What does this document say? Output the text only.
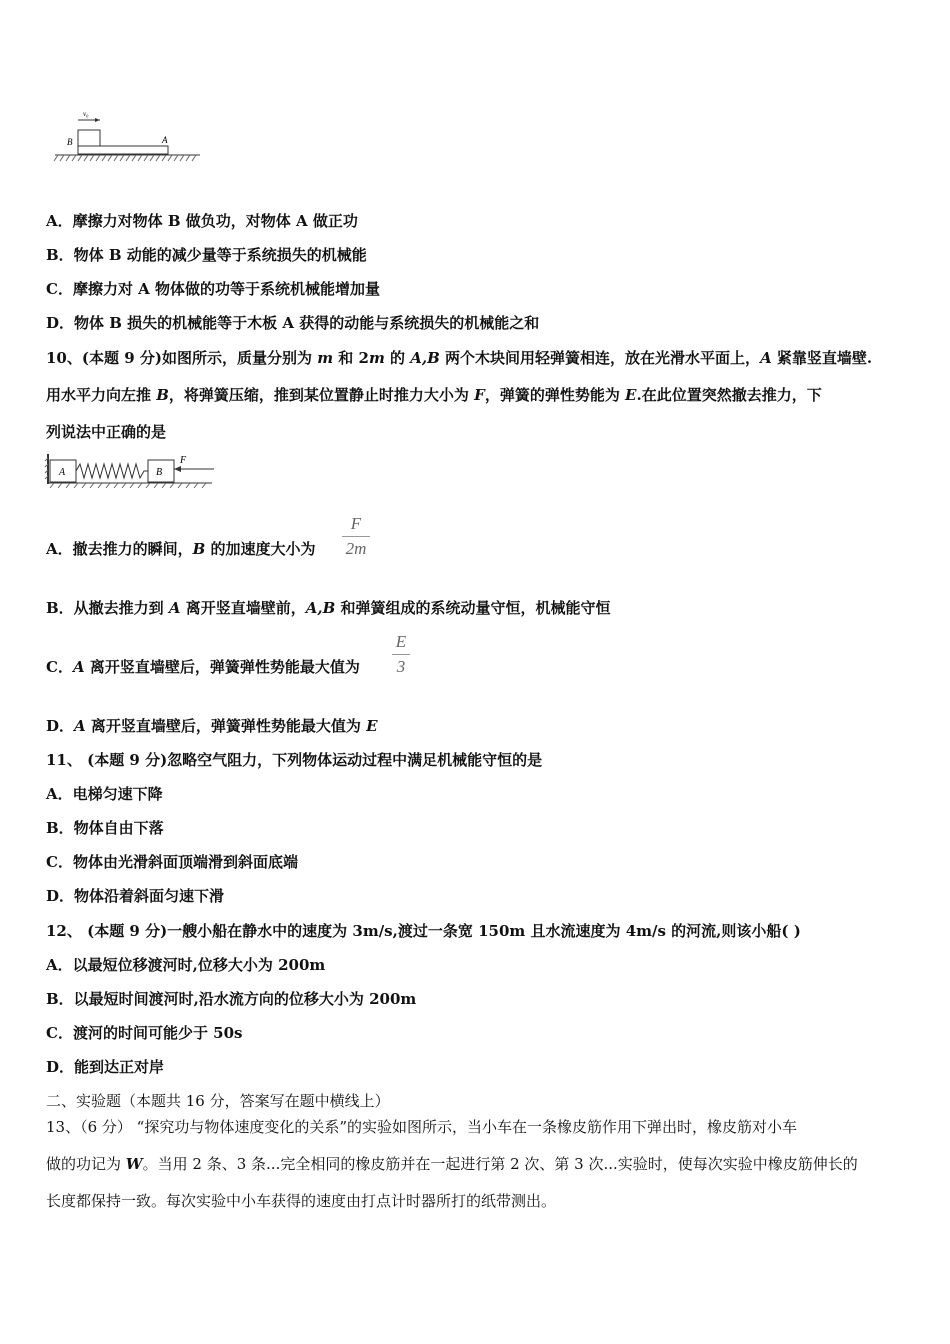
v₀
B	A
A．摩擦力对物体 B 做负功，对物体 A 做正功
B．物体 B 动能的减少量等于系统损失的机械能
C．摩擦力对 A 物体做的功等于系统机械能增加量
D．物体 B 损失的机械能等于木板 A 获得的动能与系统损失的机械能之和
10、(本题 9 分)如图所示，质量分别为 m 和 2m 的 A,B 两个木块间用轻弹簧相连，放在光滑水平面上，A 紧靠竖直墙壁.
用水平力向左推 B，将弹簧压缩，推到某位置静止时推力大小为 F，弹簧的弹性势能为 E.在此位置突然撤去推力，下
列说法中正确的是
A	B
F
A．撤去推力的瞬间，B 的加速度大小为
F
2m
B．从撤去推力到 A 离开竖直墙壁前，A,B 和弹簧组成的系统动量守恒，机械能守恒
C．A 离开竖直墙壁后，弹簧弹性势能最大值为
E
3
D．A 离开竖直墙壁后，弹簧弹性势能最大值为 E
11、 (本题 9 分)忽略空气阻力，下列物体运动过程中满足机械能守恒的是
A．电梯匀速下降
B．物体自由下落
C．物体由光滑斜面顶端滑到斜面底端
D．物体沿着斜面匀速下滑
12、 (本题 9 分)一艘小船在静水中的速度为 3m/s,渡过一条宽 150m 且水流速度为 4m/s 的河流,则该小船( )
A．以最短位移渡河时,位移大小为 200m
B．以最短时间渡河时,沿水流方向的位移大小为 200m
C．渡河的时间可能少于 50s
D．能到达正对岸
二、实验题（本题共 16 分，答案写在题中横线上）
13、（6 分） “探究功与物体速度变化的关系”的实验如图所示，当小车在一条橡皮筋作用下弹出时，橡皮筋对小车
做的功记为 W。当用 2 条、3 条...完全相同的橡皮筋并在一起进行第 2 次、第 3 次...实验时，使每次实验中橡皮筋伸长的
长度都保持一致。每次实验中小车获得的速度由打点计时器所打的纸带测出。
